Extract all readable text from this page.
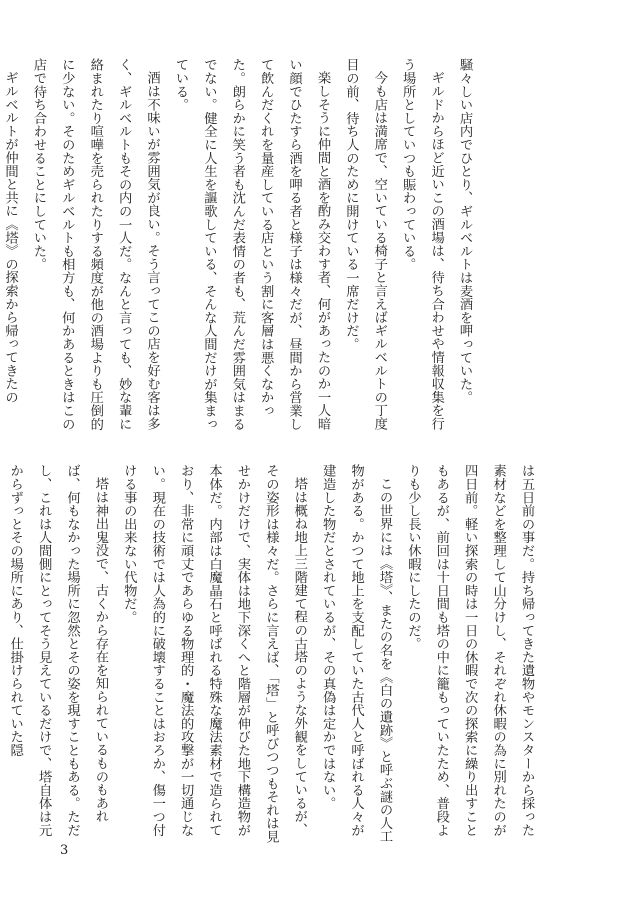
騒々しい店内でひとり、ギルベルトは麦酒を呷っていた。

ギルドからほど近いこの酒場は、待ち合わせや情報収集を行う場所としていつも賑わっている。

今も店は満席で、空いている椅子と言えばギルベルトの丁度目の前、待ち人のために開けている一席だけだ。

楽しそうに仲間と酒を酌み交わす者、何があったのか一人暗い顔でひたすら酒を呷る者と様子は様々だが、昼間から営業して飲んだくれを量産している店という割に客層は悪くなかった。朗らかに笑う者も沈んだ表情の者も、荒んだ雰囲気はまるでない。健全に人生を謳歌している、そんな人間だけが集まっている。

酒は不味いが雰囲気が良い。そう言ってこの店を好む客は多く、ギルベルトもその内の一人だ。なんと言っても、妙な輩に絡まれたり喧嘩を売られたりする頻度が他の酒場よりも圧倒的に少ない。そのためギルベルトも相方も、何かあるときはこの店で待ち合わせることにしていた。

ギルベルトが仲間と共に《塔》の探索から帰ってきたの

は五日前の事だ。持ち帰ってきた遺物やモンスターから採った素材などを整理して山分けし、それぞれ休暇の為に別れたのが四日前。軽い探索の時は一日の休暇で次の探索に繰り出すこともあるが、前回は十日間も塔の中に籠もっていたため、普段よりも少し長い休暇にしたのだ。

この世界には《塔》、またの名を《白の遺跡》と呼ぶ謎の人工物がある。かつて地上を支配していた古代人と呼ばれる人々が建造した物だとされているが、その真偽は定かではない。

塔は概ね地上三階建て程の古塔のような外観をしているが、その姿形は様々だ。さらに言えば、「塔」と呼びつつもそれは見せかけだけで、実体は地下深くへと階層が伸びた地下構造物が本体だ。内部は白魔晶石と呼ばれる特殊な魔法素材で造られており、非常に頑丈であらゆる物理的・魔法的攻撃が一切通じない。現在の技術では人為的に破壊することはおろか、傷一つ付ける事の出来ない代物だ。

塔は神出鬼没で、古くから存在を知られているものもあれば、何もなかった場所に忽然とその姿を現すこともある。ただし、これは人間側にとってそう見えているだけで、塔自体は元からずっとその場所にあり、仕掛けられていた隠

3
